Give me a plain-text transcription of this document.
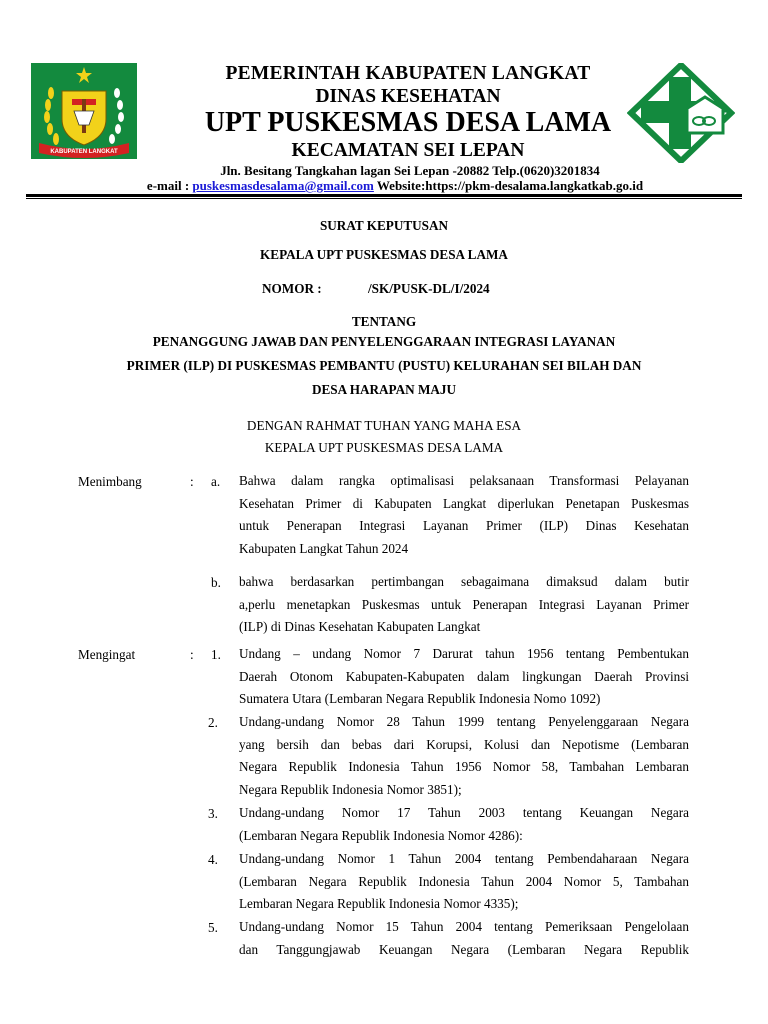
KABUPATEN LANGKAT
PEMERINTAH KABUPATEN LANGKAT
DINAS KESEHATAN
UPT PUSKESMAS DESA LAMA
KECAMATAN SEI LEPAN
Jln. Besitang Tangkahan lagan Sei Lepan -20882 Telp.(0620)3201834
e-mail : puskesmasdesalama@gmail.com Website:https://pkm-desalama.langkatkab.go.id
SURAT KEPUTUSAN
KEPALA UPT PUSKESMAS DESA LAMA
NOMOR :	/SK/PUSK-DL/I/2024
TENTANG
PENANGGUNG JAWAB DAN PENYELENGGARAAN INTEGRASI LAYANAN
PRIMER (ILP) DI PUSKESMAS PEMBANTU (PUSTU) KELURAHAN SEI BILAH DAN
DESA HARAPAN MAJU
DENGAN RAHMAT TUHAN YANG MAHA ESA
KEPALA UPT PUSKESMAS DESA LAMA
Menimbang	: a. Bahwa dalam rangka optimalisasi pelaksanaan Transformasi Pelayanan
Kesehatan Primer di Kabupaten Langkat diperlukan Penetapan Puskesmas
untuk Penerapan Integrasi Layanan Primer (ILP) Dinas Kesehatan
Kabupaten Langkat Tahun 2024
b. bahwa berdasarkan pertimbangan sebagaimana dimaksud dalam butir
a,perlu menetapkan Puskesmas untuk Penerapan Integrasi Layanan Primer
(ILP) di Dinas Kesehatan Kabupaten Langkat
Mengingat	: 1. Undang – undang Nomor 7 Darurat tahun 1956 tentang Pembentukan
Daerah Otonom Kabupaten-Kabupaten dalam lingkungan Daerah Provinsi
Sumatera Utara (Lembaran Negara Republik Indonesia Nomo 1092)
2. Undang-undang Nomor 28 Tahun 1999 tentang Penyelenggaraan Negara
yang bersih dan bebas dari Korupsi, Kolusi dan Nepotisme (Lembaran
Negara Republik Indonesia Tahun 1956 Nomor 58, Tambahan Lembaran
Negara Republik Indonesia Nomor 3851);
3. Undang-undang Nomor 17 Tahun 2003 tentang Keuangan Negara
(Lembaran Negara Republik Indonesia Nomor 4286):
4. Undang-undang Nomor 1 Tahun 2004 tentang Pembendaharaan Negara
(Lembaran Negara Republik Indonesia Tahun 2004 Nomor 5, Tambahan
Lembaran Negara Republik Indonesia Nomor 4335);
5. Undang-undang Nomor 15 Tahun 2004 tentang Pemeriksaan Pengelolaan
dan Tanggungjawab Keuangan Negara (Lembaran Negara Republik
